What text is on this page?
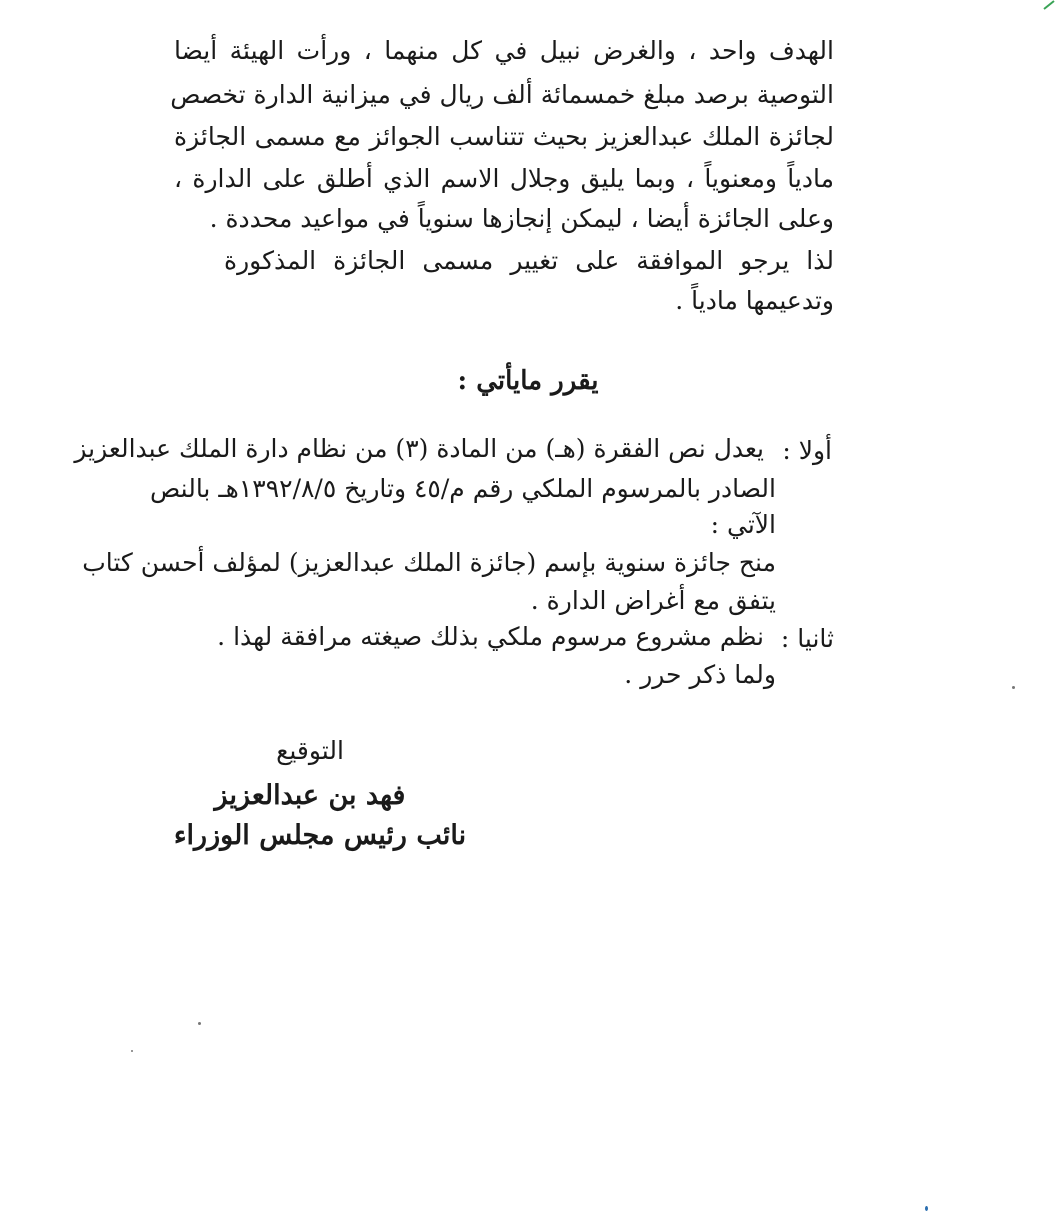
الهدف واحد ، والغرض نبيل في كل منهما ، ورأت الهيئة أيضا
التوصية برصد مبلغ خمسمائة ألف ريال في ميزانية الدارة تخصص
لجائزة الملك عبدالعزيز بحيث تتناسب الجوائز مع مسمى الجائزة
مادياً ومعنوياً ، وبما يليق وجلال الاسم الذي أطلق على الدارة ،
وعلى الجائزة أيضا ، ليمكن إنجازها سنوياً في مواعيد محددة .
لذا يرجو الموافقة على تغيير مسمى الجائزة المذكورة
وتدعيمها مادياً .
يقرر مايأتي :
أولا :
يعدل نص الفقرة (هـ) من المادة (٣) من نظام دارة الملك عبدالعزيز
الصادر بالمرسوم الملكي رقم م/٤٥ وتاريخ ١٣٩٢/٨/٥هـ بالنص
الآتي :
منح جائزة سنوية بإسم (جائزة الملك عبدالعزيز) لمؤلف أحسن كتاب
يتفق مع أغراض الدارة .
ثانيا :
نظم مشروع مرسوم ملكي بذلك صيغته مرافقة لهذا .
ولما ذكر حرر .
التوقيع
فهد بن عبدالعزيز
نائب رئيس مجلس الوزراء
